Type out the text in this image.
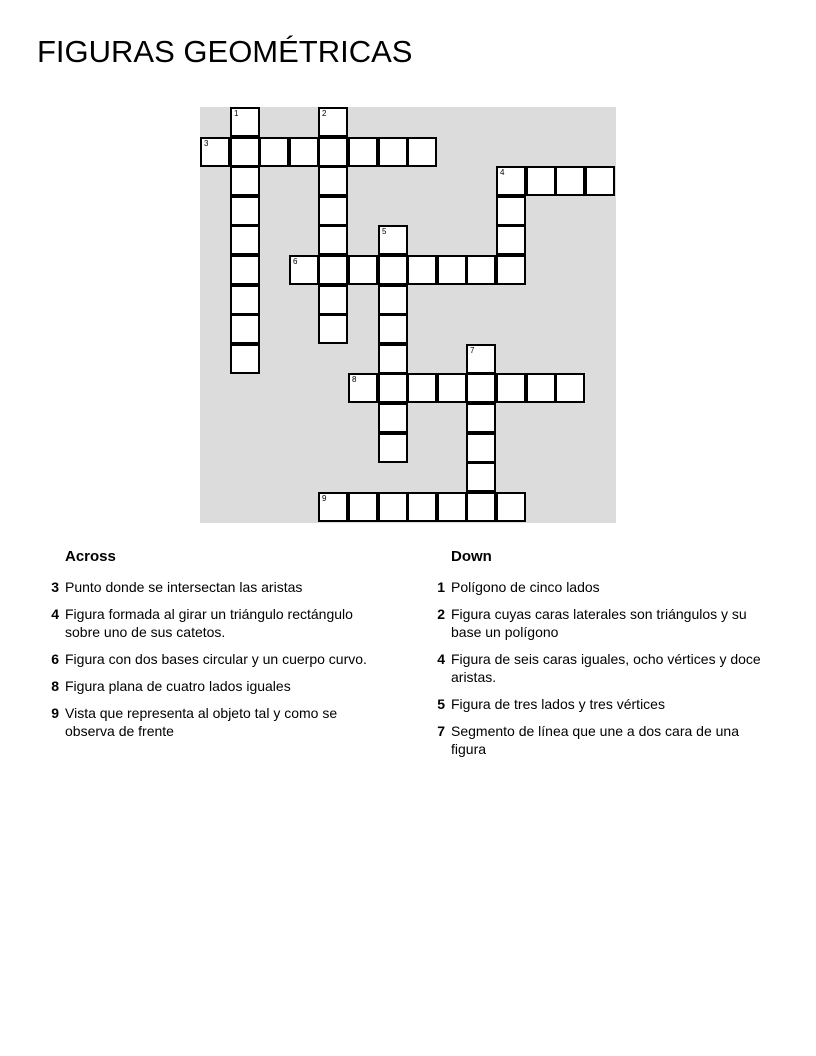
FIGURAS GEOMÉTRICAS
1	2
3
4
5
6
7
8
9
Across
3 Punto donde se intersectan las aristas
4 Figura formada al girar un triángulo rectángulo sobre uno de sus catetos.
6 Figura con dos bases circular y un cuerpo curvo.
8 Figura plana de cuatro lados iguales
9 Vista que representa al objeto tal y como se observa de frente
Down
1 Polígono de cinco lados
2 Figura cuyas caras laterales son triángulos y su base un polígono
4 Figura de seis caras iguales, ocho vértices y doce aristas.
5 Figura de tres lados y tres vértices
7 Segmento de línea que une a dos cara de una figura
